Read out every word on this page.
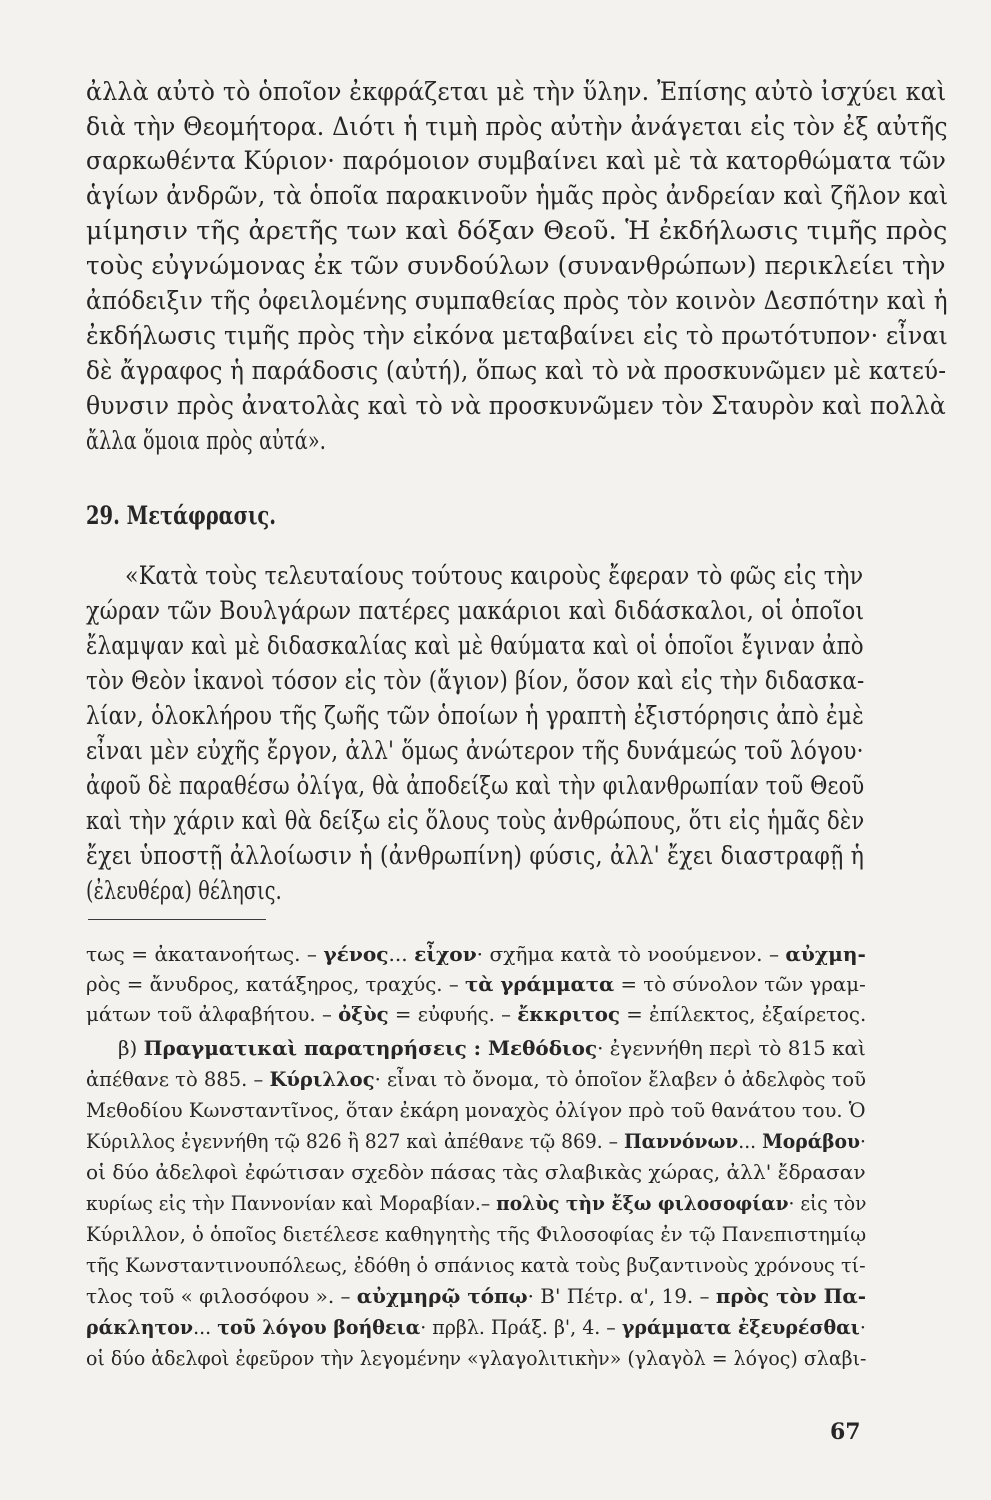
ἀλλὰ αὐτὸ τὸ ὁποῖον ἐκφράζεται μὲ τὴν ὕλην. Ἐπίσης αὐτὸ ἰσχύει καὶ
διὰ τὴν Θεομήτορα. Διότι ἡ τιμὴ πρὸς αὐτὴν ἀνάγεται εἰς τὸν ἐξ αὐτῆς
σαρκωθέντα Κύριον· παρόμοιον συμβαίνει καὶ μὲ τὰ κατορθώματα τῶν
ἁγίων ἀνδρῶν, τὰ ὁποῖα παρακινοῦν ἡμᾶς πρὸς ἀνδρείαν καὶ ζῆλον καὶ
μίμησιν τῆς ἀρετῆς των καὶ δόξαν Θεοῦ. Ἡ ἐκδήλωσις τιμῆς πρὸς
τοὺς εὐγνώμονας ἐκ τῶν συνδούλων (συνανθρώπων) περικλείει τὴν
ἀπόδειξιν τῆς ὀφειλομένης συμπαθείας πρὸς τὸν κοινὸν Δεσπότην καὶ ἡ
ἐκδήλωσις τιμῆς πρὸς τὴν εἰκόνα μεταβαίνει εἰς τὸ πρωτότυπον· εἶναι
δὲ ἄγραφος ἡ παράδοσις (αὐτή), ὅπως καὶ τὸ νὰ προσκυνῶμεν μὲ κατεύ-
θυνσιν πρὸς ἀνατολὰς καὶ τὸ νὰ προσκυνῶμεν τὸν Σταυρὸν καὶ πολλὰ
ἄλλα ὅμοια πρὸς αὐτά».
29. Μετάφρασις.
«Κατὰ τοὺς τελευταίους τούτους καιροὺς ἔφεραν τὸ φῶς εἰς τὴν
χώραν τῶν Βουλγάρων πατέρες μακάριοι καὶ διδάσκαλοι, οἱ ὁποῖοι
ἔλαμψαν καὶ μὲ διδασκαλίας καὶ μὲ θαύματα καὶ οἱ ὁποῖοι ἔγιναν ἀπὸ
τὸν Θεὸν ἱκανοὶ τόσον εἰς τὸν (ἅγιον) βίον, ὅσον καὶ εἰς τὴν διδασκα-
λίαν, ὁλοκλήρου τῆς ζωῆς τῶν ὁποίων ἡ γραπτὴ ἐξιστόρησις ἀπὸ ἐμὲ
εἶναι μὲν εὐχῆς ἔργον, ἀλλ' ὅμως ἀνώτερον τῆς δυνάμεώς τοῦ λόγου·
ἀφοῦ δὲ παραθέσω ὀλίγα, θὰ ἀποδείξω καὶ τὴν φιλανθρωπίαν τοῦ Θεοῦ
καὶ τὴν χάριν καὶ θὰ δείξω εἰς ὅλους τοὺς ἀνθρώπους, ὅτι εἰς ἡμᾶς δὲν
ἔχει ὑποστῇ ἀλλοίωσιν ἡ (ἀνθρωπίνη) φύσις, ἀλλ' ἔχει διαστραφῇ ἡ
(ἐλευθέρα) θέλησις.
τως = ἀκατανοήτως. – γένος... εἶχον· σχῆμα κατὰ τὸ νοούμενον. – αὐχμη-
ρὸς = ἄνυδρος, κατάξηρος, τραχύς. – τὰ γράμματα = τὸ σύνολον τῶν γραμ-
μάτων τοῦ ἀλφαβήτου. – ὀξὺς = εὐφυής. – ἔκκριτος = ἐπίλεκτος, ἐξαίρετος.
β) Πραγματικαὶ παρατηρήσεις : Μεθόδιος· ἐγεννήθη περὶ τὸ 815 καὶ
ἀπέθανε τὸ 885. – Κύριλλος· εἶναι τὸ ὄνομα, τὸ ὁποῖον ἔλαβεν ὁ ἀδελφὸς τοῦ
Μεθοδίου Κωνσταντῖνος, ὅταν ἐκάρη μοναχὸς ὀλίγον πρὸ τοῦ θανάτου του. Ὁ
Κύριλλος ἐγεννήθη τῷ 826 ἢ 827 καὶ ἀπέθανε τῷ 869. – Παννόνων... Μοράβου·
οἱ δύο ἀδελφοὶ ἐφώτισαν σχεδὸν πάσας τὰς σλαβικὰς χώρας, ἀλλ' ἔδρασαν
κυρίως εἰς τὴν Παννονίαν καὶ Μοραβίαν.– πολὺς τὴν ἔξω φιλοσοφίαν· εἰς τὸν
Κύριλλον, ὁ ὁποῖος διετέλεσε καθηγητὴς τῆς Φιλοσοφίας ἐν τῷ Πανεπιστημίῳ
τῆς Κωνσταντινουπόλεως, ἐδόθη ὁ σπάνιος κατὰ τοὺς βυζαντινοὺς χρόνους τί-
τλος τοῦ « φιλοσόφου ». – αὐχμηρῷ τόπῳ· Β' Πέτρ. α', 19. – πρὸς τὸν Πα-
ράκλητον... τοῦ λόγου βοήθεια· πρβλ. Πράξ. β', 4. – γράμματα ἐξευρέσθαι·
οἱ δύο ἀδελφοὶ ἐφεῦρον τὴν λεγομένην «γλαγολιτικὴν» (γλαγὸλ = λόγος) σλαβι-
67
